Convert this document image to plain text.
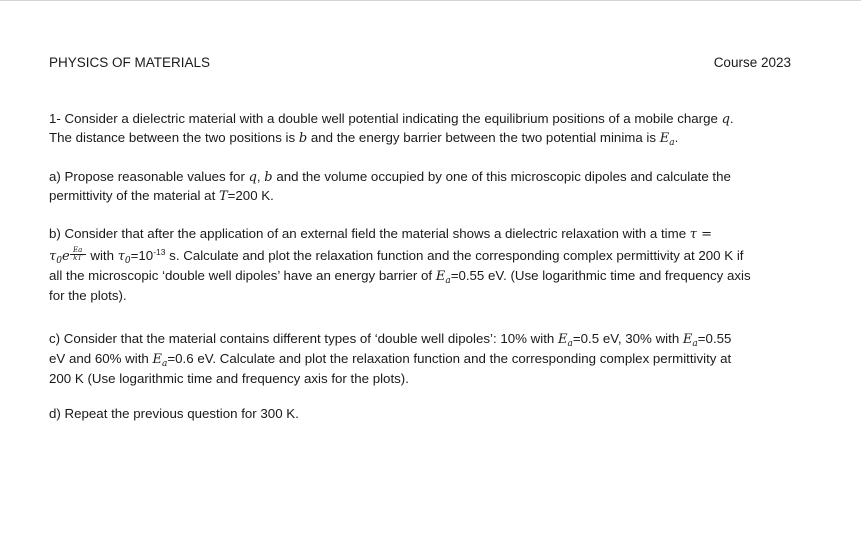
PHYSICS OF MATERIALS	Course 2023
1- Consider a dielectric material with a double well potential indicating the equilibrium positions of a mobile charge q.
The distance between the two positions is b and the energy barrier between the two potential minima is $E_a$.
a) Propose reasonable values for q, b and the volume occupied by one of this microscopic dipoles and calculate the
permittivity of the material at T=200 K.
b) Consider that after the application of an external field the material shows a dielectric relaxation with a time τ =
$\tau_0e$ Ea
kT with $\tau_0=10^{-13}$ s. Calculate and plot the relaxation function and the corresponding complex permittivity at 200 K if
all the microscopic ‘double well dipoles’ have an energy barrier of $E_a=0.55$ eV. (Use logarithmic time and frequency axis
for the plots).
c) Consider that the material contains different types of ‘double well dipoles’: 10% with $E_a=0.5$ eV, 30% with $E_a=0.55$
eV and 60% with $E_a=0.6$ eV. Calculate and plot the relaxation function and the corresponding complex permittivity at
200 K (Use logarithmic time and frequency axis for the plots).
d) Repeat the previous question for 300 K.
